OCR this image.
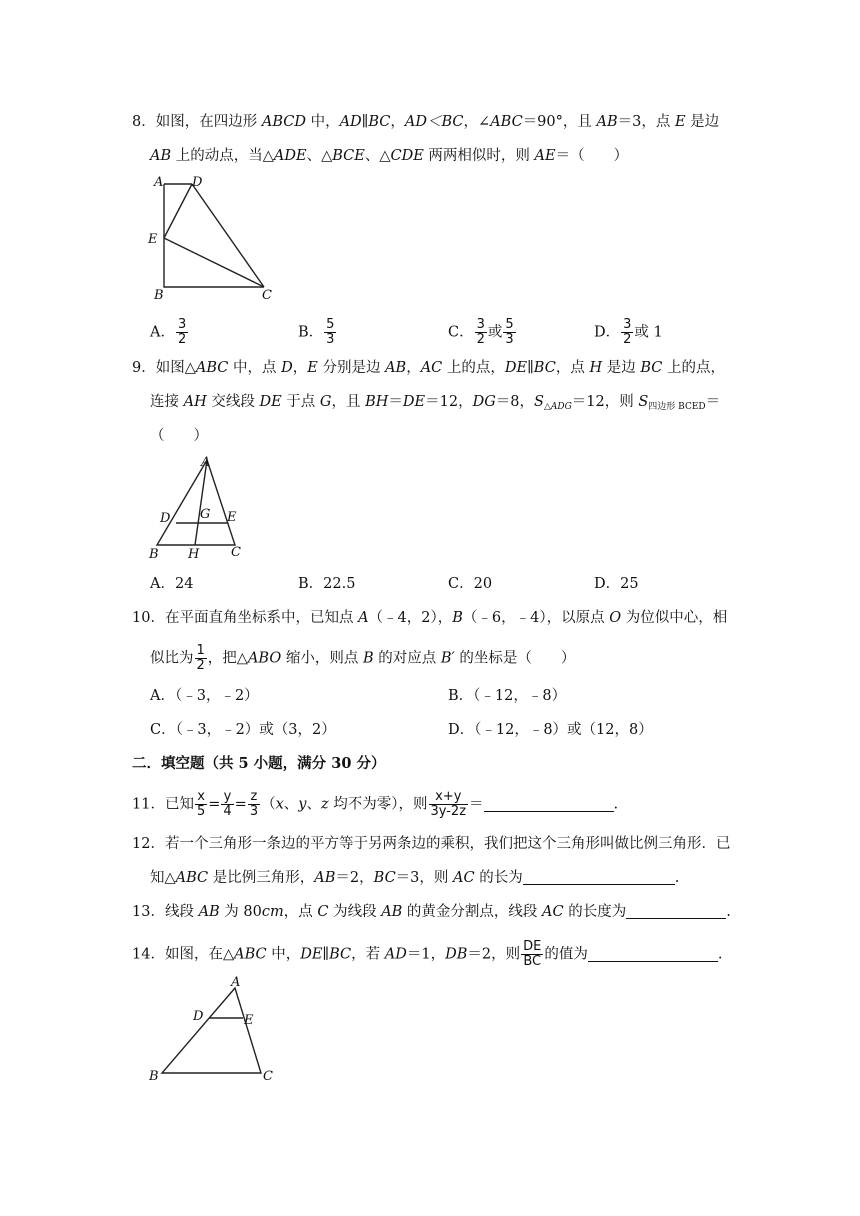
8．如图，在四边形 ABCD 中，AD∥BC，AD＜BC，∠ABC＝90°，且 AB＝3，点 E 是边
AB 上的动点，当△ADE、△BCE、△CDE 两两相似时，则 AE＝（　　）
A D
E
B	C
A． $\frac{3}{2}$	B． $\frac{5}{3}$	C． $\frac{3}{2}$ 或 $\frac{5}{3}$	D． $\frac{3}{2}$ 或 1
9．如图△ABC 中，点 D，E 分别是边 AB，AC 上的点，DE∥BC，点 H 是边 BC 上的点，
连接 AH 交线段 DE 于点 G，且 BH＝DE＝12，DG＝8，$S_{\triangle ADG}=12$，则 $S_{四边形 BCED}=$
（　　）
A
D G E
B H C
A．24	B．22.5	C．20	D．25
10．在平面直角坐标系中，已知点 A（﹣4，2），B（﹣6，﹣4），以原点 O 为位似中心，相
似比为 $\frac{1}{2}$ ，把△ABO 缩小，则点 B 的对应点 B′ 的坐标是（　　）
A．（﹣3，﹣2）	B．（﹣12，﹣8）
C．（﹣3，﹣2）或（3，2）	D．（﹣12，﹣8）或（12，8）
二．填空题（共 5 小题，满分 30 分）
11．已知 $\frac{x}{5} = \frac{y}{4} = \frac{z}{3} (x$、y、z 均不为零），则 $\frac{x+y}{3y-2z}$ ＝	.
12．若一个三角形一条边的平方等于另两条边的乘积，我们把这个三角形叫做比例三角形．已
知△ABC 是比例三角形，AB＝2，BC＝3，则 AC 的长为	.
13．线段 AB 为 80cm，点 C 为线段 AB 的黄金分割点，线段 AC 的长度为	.
14．如图，在△ABC 中，DE∥BC，若 AD＝1，DB＝2，则 $\frac{DE}{BC}$ 的值为	.
A
D	E
B	C
